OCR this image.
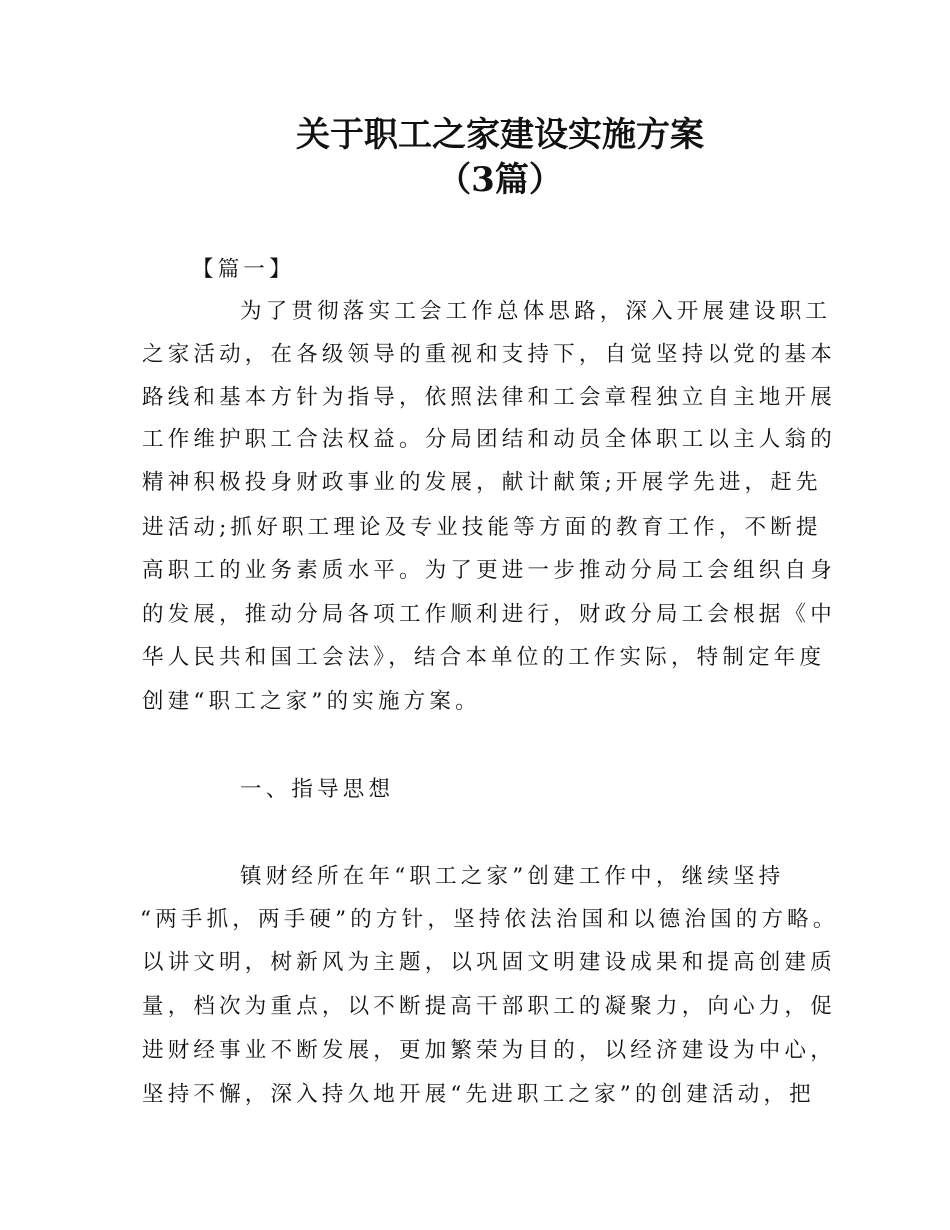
关于职工之家建设实施方案
（3篇）
【篇一】
为了贯彻落实工会工作总体思路，深入开展建设职工
之家活动，在各级领导的重视和支持下，自觉坚持以党的基本
路线和基本方针为指导，依照法律和工会章程独立自主地开展
工作维护职工合法权益。分局团结和动员全体职工以主人翁的
精神积极投身财政事业的发展，献计献策;开展学先进，赶先
进活动;抓好职工理论及专业技能等方面的教育工作，不断提
高职工的业务素质水平。为了更进一步推动分局工会组织自身
的发展，推动分局各项工作顺利进行，财政分局工会根据《中
华人民共和国工会法》，结合本单位的工作实际，特制定年度
创建“职工之家”的实施方案。
一、指导思想
镇财经所在年“职工之家”创建工作中，继续坚持
“两手抓，两手硬”的方针，坚持依法治国和以德治国的方略。
以讲文明，树新风为主题，以巩固文明建设成果和提高创建质
量，档次为重点，以不断提高干部职工的凝聚力，向心力，促
进财经事业不断发展，更加繁荣为目的，以经济建设为中心，
坚持不懈，深入持久地开展“先进职工之家”的创建活动，把
